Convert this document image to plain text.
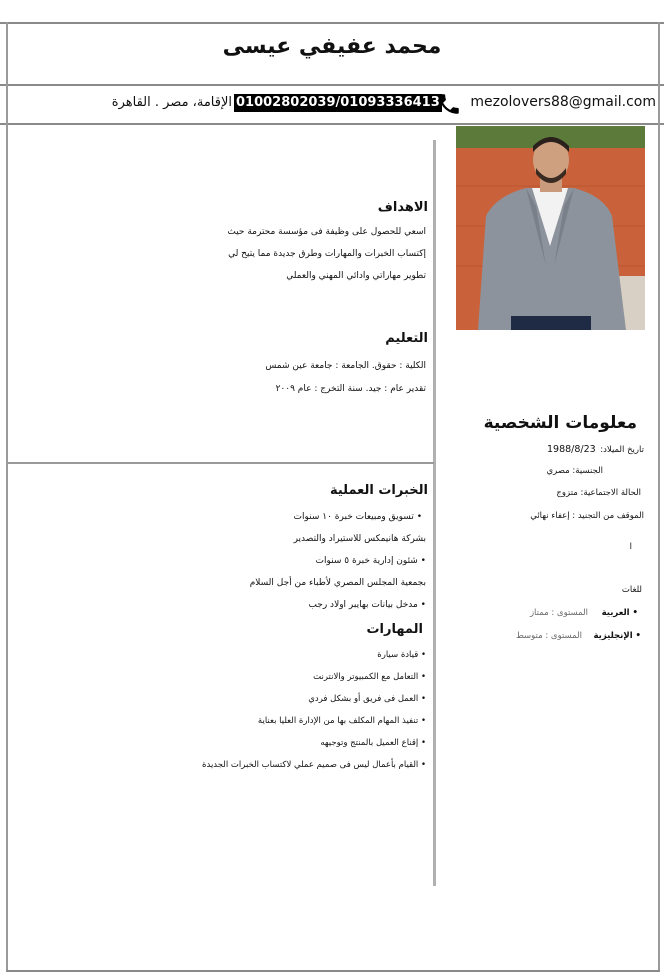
محمد عفيفي عيسى
mezolovers88@gmail.com
01002802039/01093336413
الإقامة، مصر . القاهرة
الاهداف
اسعي للحصول على وظيفة فى مؤسسة محترمة حيث
إكتساب الخبرات والمهارات وطرق جديدة مما يتيح لي
تطوير مهاراتي وادائي المهني والعملي
التعليم
الكلية : حقوق. الجامعة : جامعة عين شمس
تقدير عام : جيد. سنة التخرج : عام ٢٠٠٩
الخبرات العملية
• تسويق ومبيعات خبرة ١٠ سنوات
بشركة هانيمكس للاستيراد والتصدير
• شئون إدارية خبرة ٥ سنوات
بجمعية المجلس المصري لأطباء من أجل السلام
• مدخل بيانات بهايبر اولاد رجب
المهارات
• قيادة سيارة
• التعامل مع الكمبيوتر والانترنت
• العمل فى فريق أو بشكل فردي
• تنفيذ المهام المكلف بها من الإدارة العليا بعناية
• إقناع العميل بالمنتج وتوجيهه
• القيام بأعمال ليس فى صميم عملي لاكتساب الخبرات الجديدة
معلومات الشخصية
تاريخ الميلاد:
1988/8/23
الجنسية: مصري
الحالة الاجتماعية: متزوج
الموقف من التجنيد : إعفاء نهائي
ا
للغات
• العربية
المستوى : ممتاز
• الإنجليزية
المستوى : متوسط
